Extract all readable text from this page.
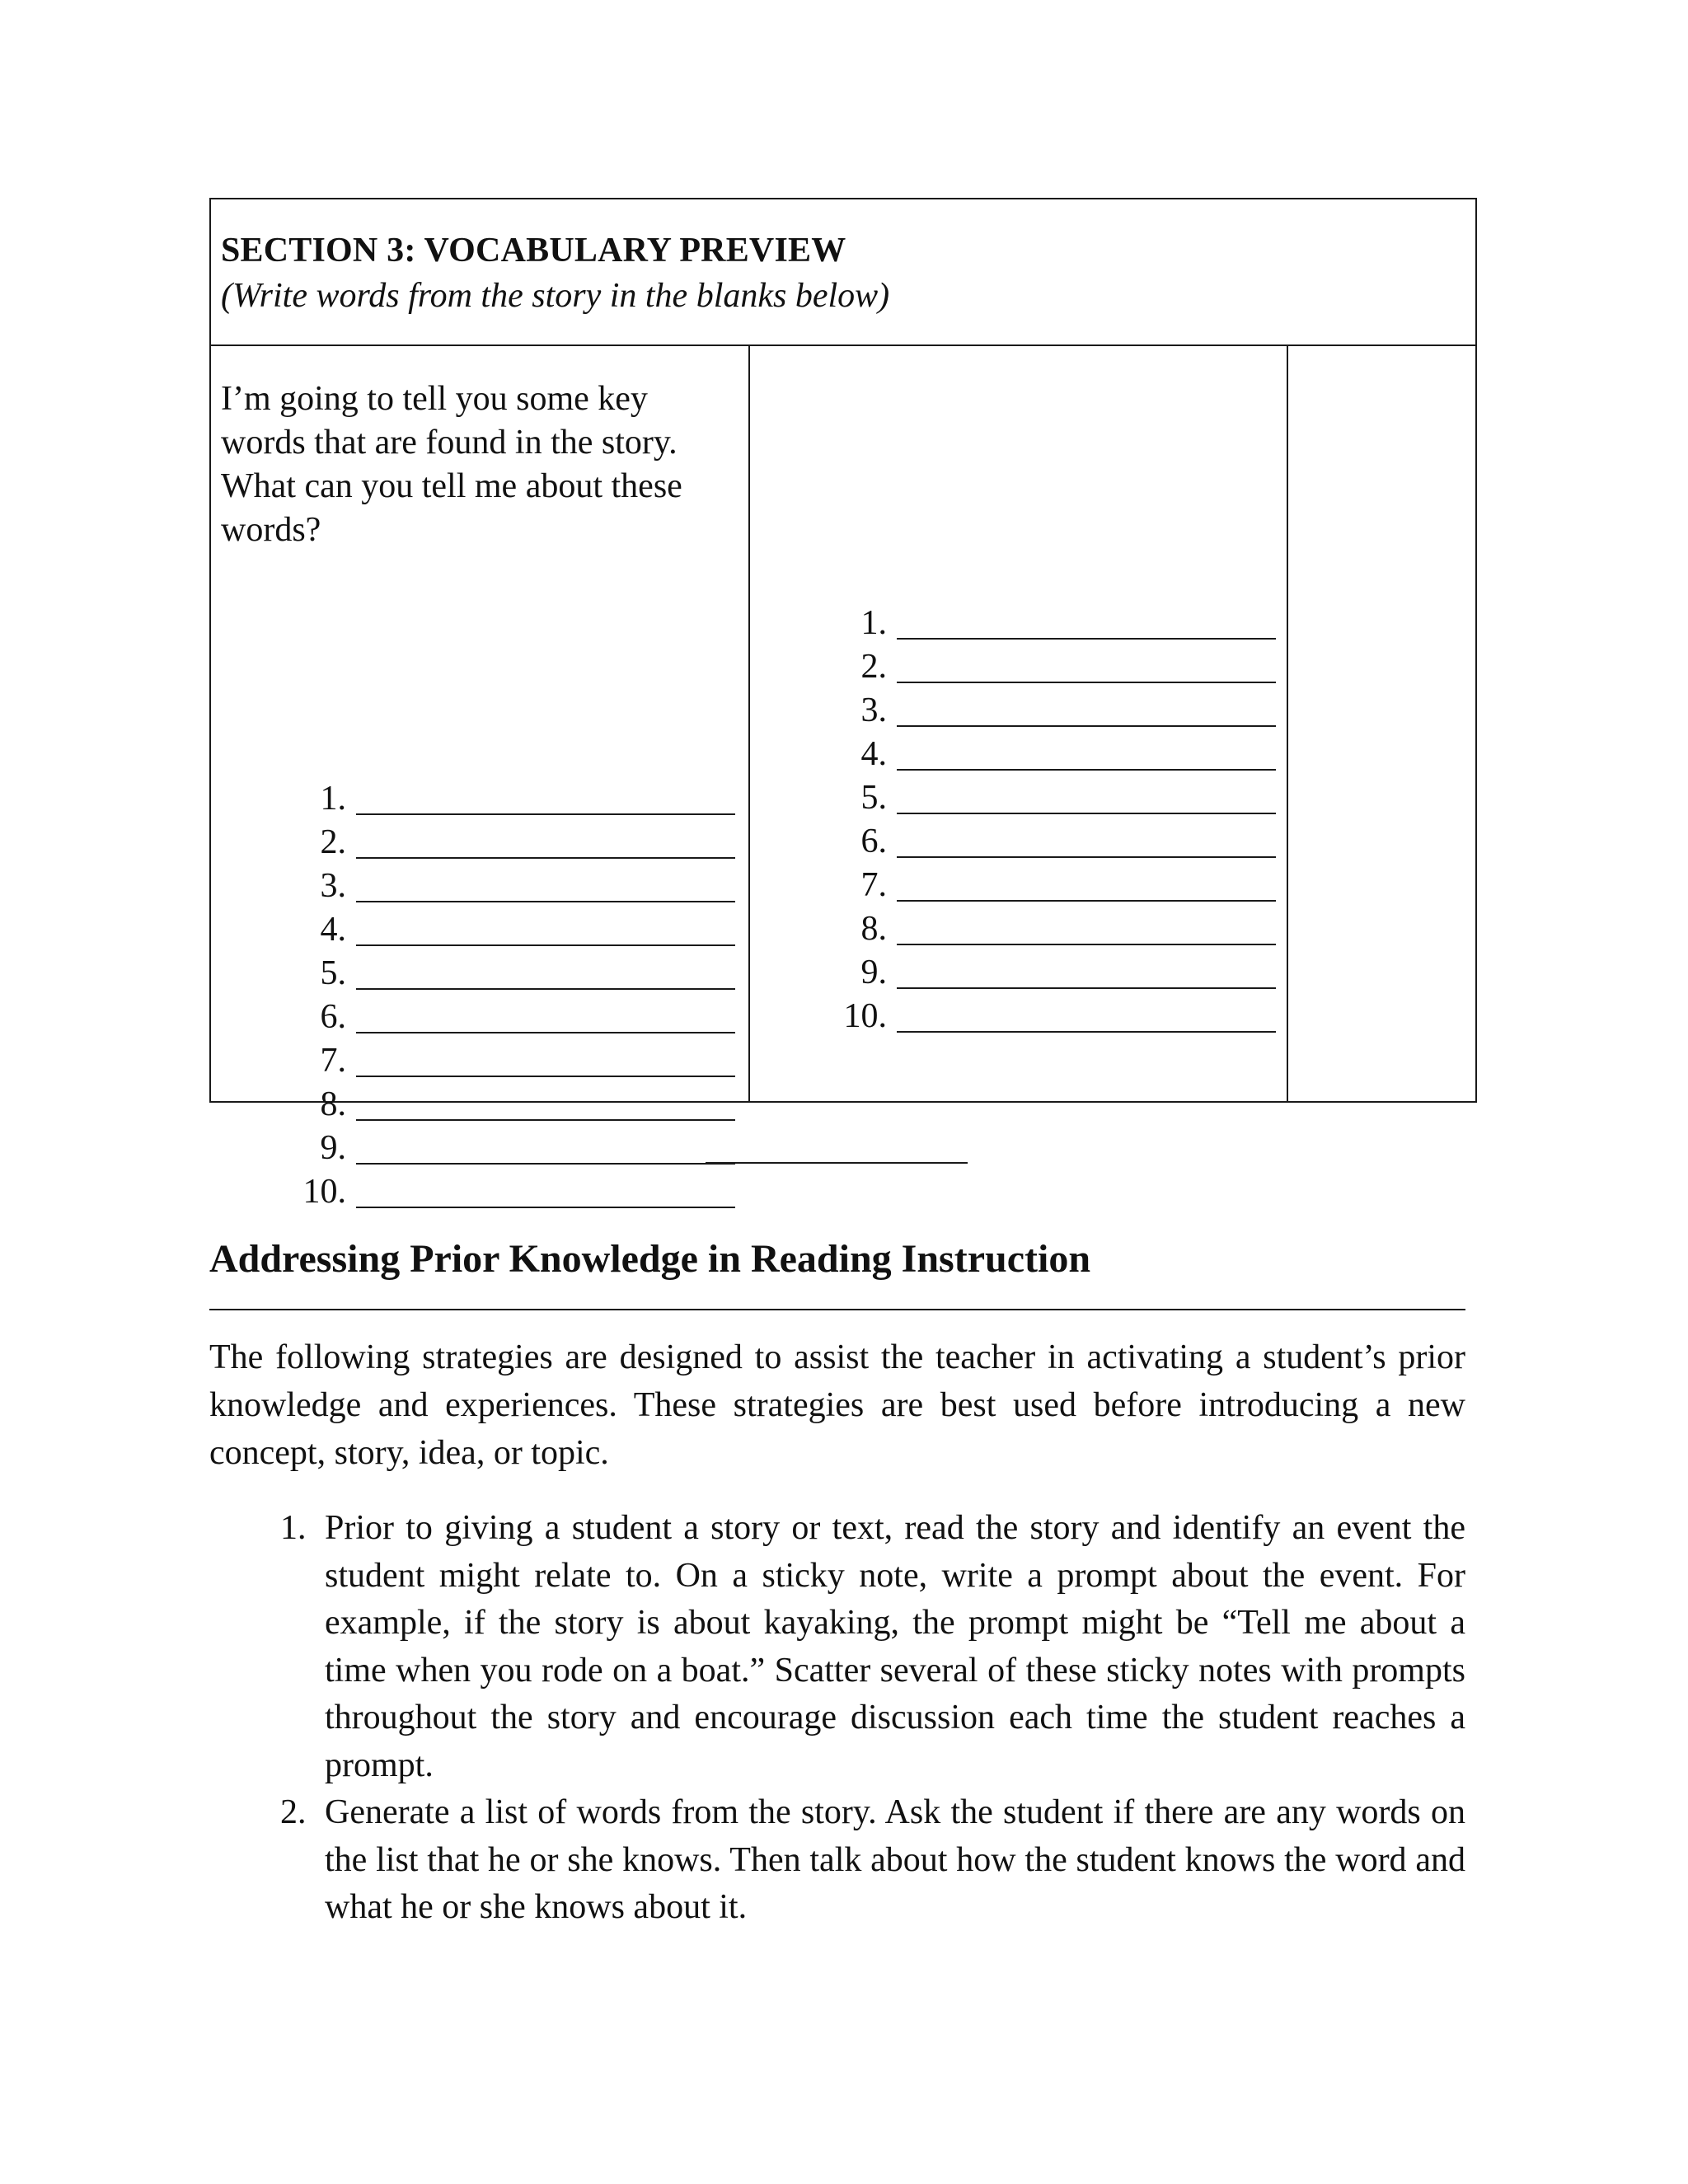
SECTION 3: VOCABULARY PREVIEW
(Write words from the story in the blanks below)
I’m going to tell you some key words that are found in the story. What can you tell me about these words?
1.
2.
3.
4.
5.
6.
7.
8.
9.
10.
1.
2.
3.
4.
5.
6.
7.
8.
9.
10.
Addressing Prior Knowledge in Reading Instruction
The following strategies are designed to assist the teacher in activating a student’s prior knowledge and experiences. These strategies are best used before introducing a new concept, story, idea, or topic.
1. Prior to giving a student a story or text, read the story and identify an event the student might relate to. On a sticky note, write a prompt about the event. For example, if the story is about kayaking, the prompt might be “Tell me about a time when you rode on a boat.” Scatter several of these sticky notes with prompts throughout the story and encourage discussion each time the student reaches a prompt.
2. Generate a list of words from the story. Ask the student if there are any words on the list that he or she knows. Then talk about how the student knows the word and what he or she knows about it.
